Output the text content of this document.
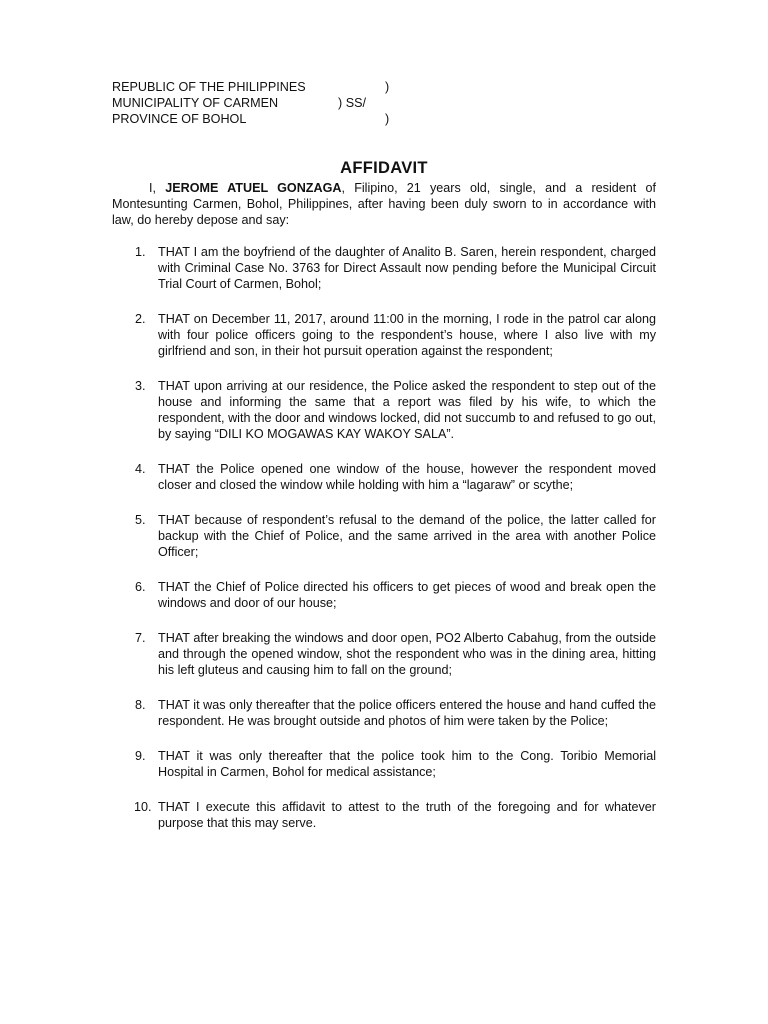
REPUBLIC OF THE PHILIPPINES	)
MUNICIPALITY OF CARMEN	) SS/
PROVINCE OF BOHOL	)
AFFIDAVIT

I, JEROME ATUEL GONZAGA, Filipino, 21 years old, single, and a resident of Montesunting Carmen, Bohol, Philippines, after having been duly sworn to in accordance with law, do hereby depose and say:

1. THAT I am the boyfriend of the daughter of Analito B. Saren, herein respondent, charged with Criminal Case No. 3763 for Direct Assault now pending before the Municipal Circuit Trial Court of Carmen, Bohol;
2. THAT on December 11, 2017, around 11:00 in the morning, I rode in the patrol car along with four police officers going to the respondent’s house, where I also live with my girlfriend and son, in their hot pursuit operation against the respondent;
3. THAT upon arriving at our residence, the Police asked the respondent to step out of the house and informing the same that a report was filed by his wife, to which the respondent, with the door and windows locked, did not succumb to and refused to go out, by saying “DILI KO MOGAWAS KAY WAKOY SALA”.
4. THAT the Police opened one window of the house, however the respondent moved closer and closed the window while holding with him a “lagaraw” or scythe;
5. THAT because of respondent’s refusal to the demand of the police, the latter called for backup with the Chief of Police, and the same arrived in the area with another Police Officer;
6. THAT the Chief of Police directed his officers to get pieces of wood and break open the windows and door of our house;
7. THAT after breaking the windows and door open, PO2 Alberto Cabahug, from the outside and through the opened window, shot the respondent who was in the dining area, hitting his left gluteus and causing him to fall on the ground;
8. THAT it was only thereafter that the police officers entered the house and hand cuffed the respondent. He was brought outside and photos of him were taken by the Police;
9. THAT it was only thereafter that the police took him to the Cong. Toribio Memorial Hospital in Carmen, Bohol for medical assistance;
10. THAT I execute this affidavit to attest to the truth of the foregoing and for whatever purpose that this may serve.
